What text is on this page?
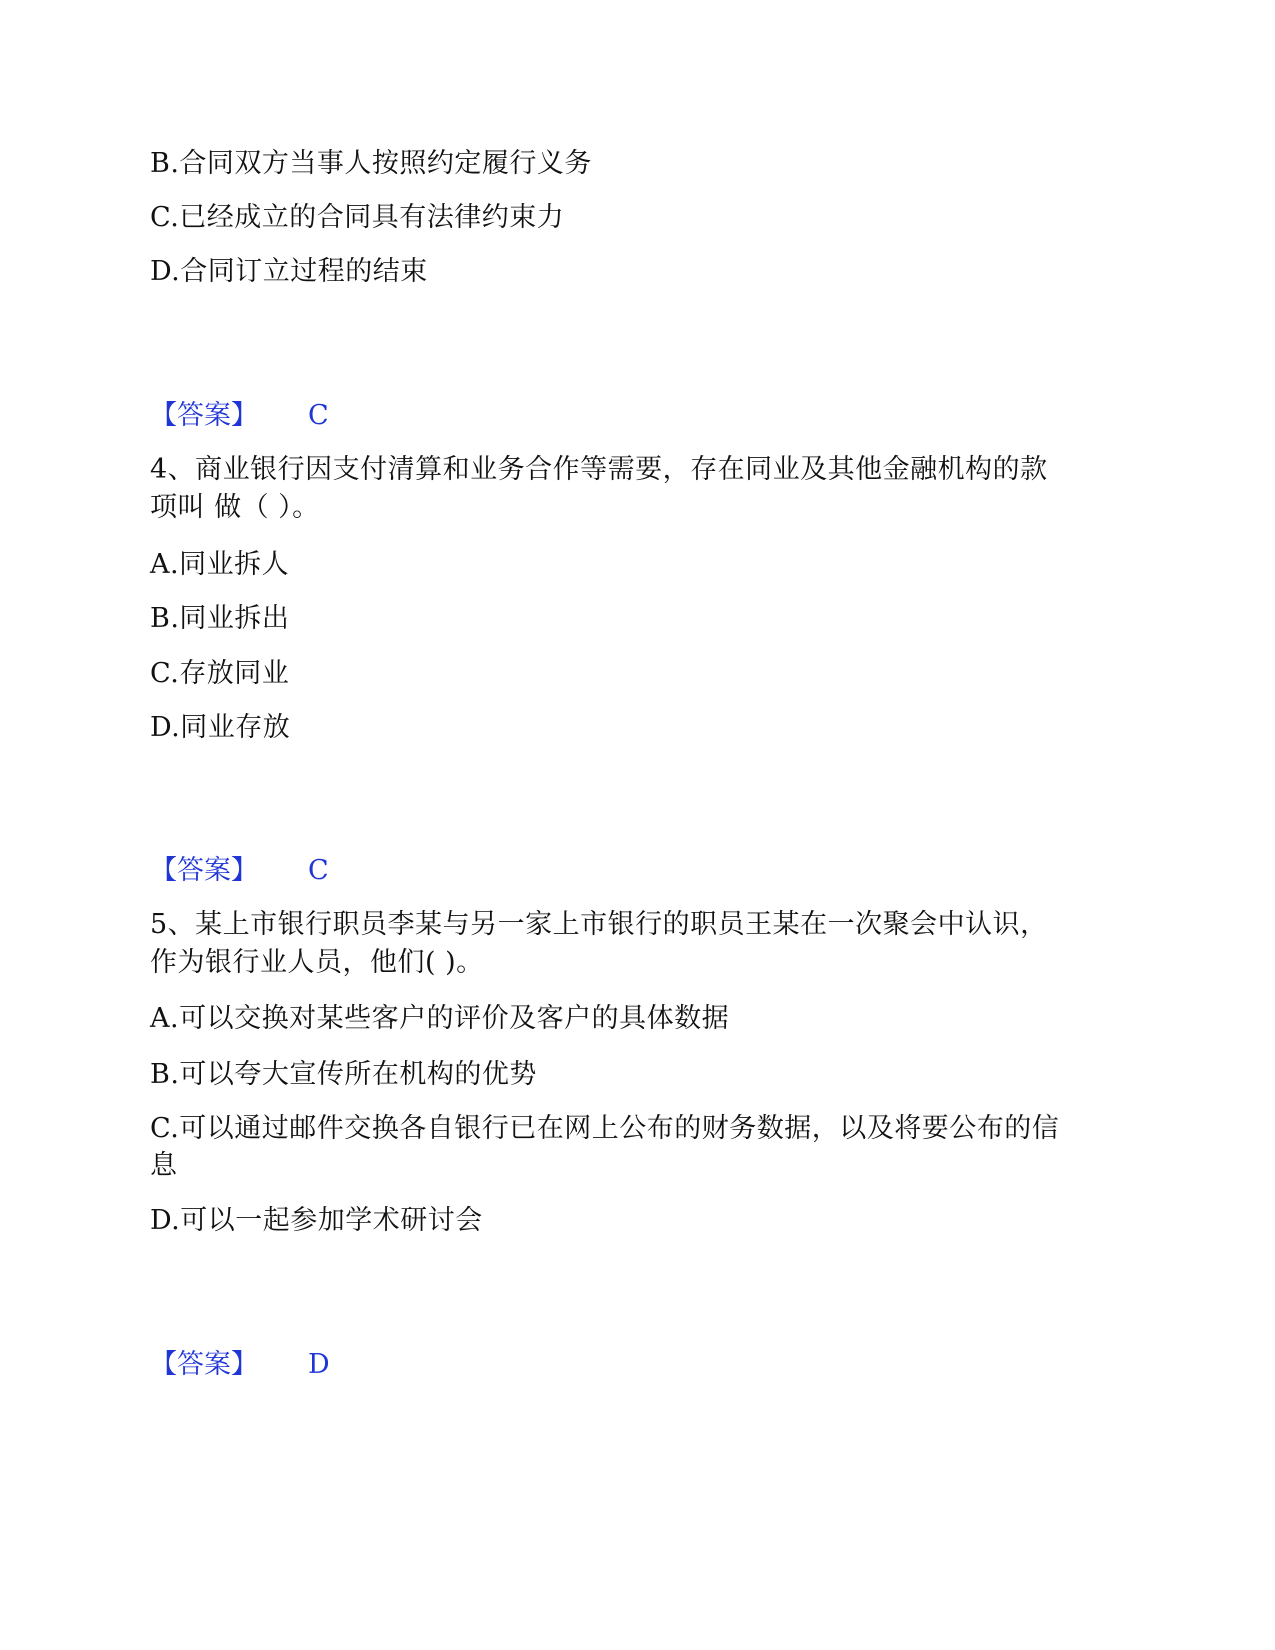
B.合同双方当事人按照约定履行义务
C.已经成立的合同具有法律约束力
D.合同订立过程的结束
【答案】 C
4、商业银行因支付清算和业务合作等需要，存在同业及其他金融机构的款
项叫 做（ ）。
A.同业拆人
B.同业拆出
C.存放同业
D.同业存放
【答案】 C
5、某上市银行职员李某与另一家上市银行的职员王某在一次聚会中认识，
作为银行业人员，他们( )。
A.可以交换对某些客户的评价及客户的具体数据
B.可以夸大宣传所在机构的优势
C.可以通过邮件交换各自银行已在网上公布的财务数据，以及将要公布的信
息
D.可以一起参加学术研讨会
【答案】 D
